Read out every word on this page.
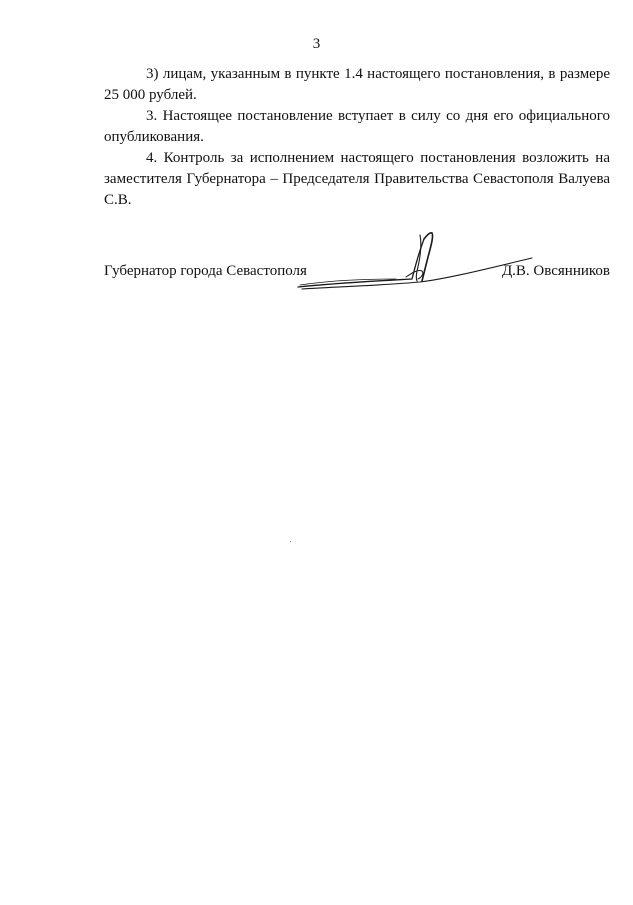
3

3) лицам, указанным в пункте 1.4 настоящего постановления, в размере 25 000 рублей.

3. Настоящее постановление вступает в силу со дня его официального опубликования.

4. Контроль за исполнением настоящего постановления возложить на заместителя Губернатора – Председателя Правительства Севастополя Валуева С.В.

Губернатор города Севастополя	Д.В. Овсянников
